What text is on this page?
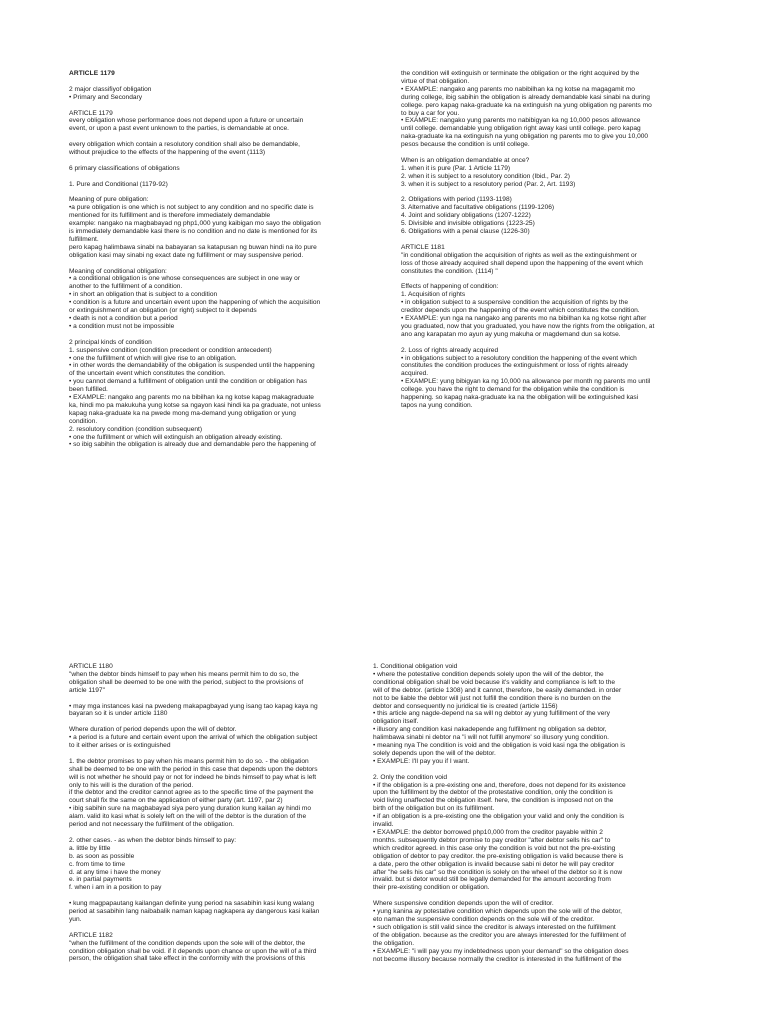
ARTICLE 1179

2 major classifiyof obligation

• Primary and Secondary

ARTICLE 1179

every obligation whose performance does not depend upon a future or uncertain

event, or upon a past event unknown to the parties, is demandable at once.

every obligation which contain a resolutory condition shall also be demandable,

without prejudice to the effects of the happening of the event (1113)

6 primary classifications of obligations

1. Pure and Conditional (1179-92)

Meaning of pure obligation:

•a pure obligation is one which is not subject to any condition and no specific date is

mentioned for its fulfillment and is therefore immediately demandable

example: nangako na magbabayad ng php1,000 yung kaibigan mo sayo the obligation

is immediately demandable kasi there is no condition and no date is mentioned for its

fulfillment.

pero kapag halimbawa sinabi na babayaran sa katapusan ng buwan hindi na ito pure

obligation kasi may sinabi ng exact date ng fulfillment or may suspensive period.

Meaning of conditional obligation:

• a conditional obligation is one whose consequences are subject in one way or

another to the fulfillment of a condition.

• in short an obligation that is subject to a condition

• condition is a future and uncertain event upon the happening of which the acquisition

or extinguishment of an obligation (or right) subject to it depends

• death is not a condition but a period

• a condition must not be impossible

2 principal kinds of condition

1. suspensive condition (condition precedent or condition antecedent)

• one the fulfillment of which will give rise to an obligation.

• in other words the demandability of the obligation is suspended until the happening

of the uncertain event which constitutes the condition.

• you cannot demand a fulfillment of obligation until the condition or obligation has

been fulfilled.

• EXAMPLE: nangako ang parents mo na bibilhan ka ng kotse kapag makagraduate

ka, hindi mo pa makukuha yung kotse sa ngayon kasi hindi ka pa graduate, not unless

kapag naka-graduate ka na pwede mong ma-demand yung obligation or yung

condition.

2. resolutory condition (condition subsequent)

• one the fulfillment or which will extinguish an obligation already existing.

• so ibig sabihin the obligation is already due and demandable pero the happening of

the condition will extinguish or terminate the obligation or the right acquired by the

virtue of that obligation.

• EXAMPLE: nangako ang parents mo nabibilhan ka ng kotse na magagamit mo

during college, ibig sabihin the obligation is already demandable kasi sinabi na during

college. pero kapag naka-graduate ka na extinguish na yung obligation ng parents mo

to buy a car for you.

• EXAMPLE: nangako yung parents mo nabibigyan ka ng 10,000 pesos allowance

until college. demandable yung obligation right away kasi until college. pero kapag

naka-graduate ka na extinguish na yung obligation ng parents mo to give you 10,000

pesos because the condition is until college.

When is an obligation demandable at once?

1. when it is pure (Par. 1 Article 1179)

2. when it is subject to a resolutory condition (Ibid., Par. 2)

3. when it is subject to a resolutory period (Par. 2, Art. 1193)

2. Obligations with period (1193-1198)

3. Alternative and facultative obligations (1199-1206)

4. Joint and solidary obligations (1207-1222)

5. Divisible and invisible obligations (1223-25)

6. Obligations with a penal clause (1226-30)

ARTICLE 1181

"in conditional obligation the acquisition of rights as well as the extinguishment or

loss of those already acquired shall depend upon the happening of the event which

constitutes the condition. (1114) "

Effects of happening of condition:

1. Acquisition of rights

• in obligation subject to a suspensive condition the acquisition of rights by the

creditor depends upon the happening of the event which constitutes the condition.

• EXAMPLE: yun nga na nangako ang parents mo na bibilhan ka ng kotse right after

you graduated, now that you graduated, you have now the rights from the obligation, at

ano ang karapatan mo ayun ay yung makuha or magdemand dun sa kotse.

2. Loss of rights already acquired

• in obligations subject to a resolutory condition the happening of the event which

constitutes the condition produces the extinguishment or loss of rights already

acquired.

• EXAMPLE: yung bibigyan ka ng 10,000 na allowance per month ng parents mo until

college. you have the right to demand for the obligation while the condition is

happening. so kapag naka-graduate ka na the obligation will be extinguished kasi

tapos na yung condition.

ARTICLE 1180

"when the debtor binds himself to pay when his means permit him to do so, the

obligation shall be deemed to be one with the period, subject to the provisions of

article 1197"

• may mga instances kasi na pwedeng makapagbayad yung isang tao kapag kaya ng

bayaran so it is under article 1180

Where duration of period depends upon the will of debtor.

• a period is a future and certain event upon the arrival of which the obligation subject

to it either arises or is extinguished

1. the debtor promises to pay when his means permit him to do so. - the obligation

shall be deemed to be one with the period in this case that depends upon the debtors

will is not whether he should pay or not for indeed he binds himself to pay what is left

only to his will is the duration of the period.

if the debtor and the creditor cannot agree as to the specific time of the payment the

court shall fix the same on the application of either party (art. 1197, par 2)

• ibig sabihin sure na magbabayad siya pero yung duration kung kailan ay hindi mo

alam. valid ito kasi what is solely left on the will of the debtor is the duration of the

period and not necessary the fulfillment of the obligation.

2. other cases. - as when the debtor binds himself to pay:

a. little by little

b. as soon as possible

c. from time to time

d. at any time i have the money

e. in partial payments

f. when i am in a position to pay

• kung magpapautang kailangan definite yung period na sasabihin kasi kung walang

period at sasabihin lang naibabalik naman kapag nagkapera ay dangerous kasi kailan

yun.

ARTICLE 1182

"when the fulfillment of the condition depends upon the sole will of the debtor, the

condition obligation shall be void. if it depends upon chance or upon the will of a third

person, the obligation shall take effect in the conformity with the provisions of this

1. Conditional obligation void

• where the potestative condition depends solely upon the will of the debtor, the

conditional obligation shall be void because it's validity and compliance is left to the

will of the debtor. (article 1308) and it cannot, therefore, be easily demanded. in order

not to be liable the debtor will just not fulfill the condition there is no burden on the

debtor and consequently no juridical tie is created (article 1156)

• this article ang nagde-depend na sa will ng debtor ay yung fulfillment of the very

obligation itself.

• illusory ang condition kasi nakadepende ang fulfillment ng obligation sa debtor,

halimbawa sinabi ni debtor na "i will not fulfill anymore' so illusory yung condition.

• meaning nya The condition is void and the obligation is void kasi nga the obligation is

solely depends upon the will of the debtor.

• EXAMPLE: I'll pay you if I want.

2. Only the condition void

• if the obligation is a pre-existing one and, therefore, does not depend for its existence

upon the fulfillment by the debtor of the protestative condition, only the condition is

void living unaffected the obligation itself. here, the condition is imposed not on the

birth of the obligation but on its fulfillment.

• if an obligation is a pre-existing one the obligation your valid and only the condition is

invalid.

• EXAMPLE: the debtor borrowed php10,000 from the creditor payable within 2

months. subsequently debtor promise to pay creditor "after debtor sells his car" to

which creditor agreed. in this case only the condition is void but not the pre-existing

obligation of debtor to pay creditor. the pre-existing obligation is valid because there is

a date, pero the other obligation is invalid because sabi ni detor he will pay creditor

after "he sells his car" so the condition is solely on the wheel of the debtor so it is now

invalid. but si detor would still be legally demanded for the amount according from

their pre-existing condition or obligation.

Where suspensive condition depends upon the will of creditor.

• yung kanina ay potestative condition which depends upon the sole will of the debtor,

eto naman the suspensive condition depends on the sole will of the creditor.

• such obligation is still valid since the creditor is always interested on the fulfillment

of the obligation. because as the creditor you are always interested for the fulfillment of

the obligation.

• EXAMPLE: "i will pay you my indebtedness upon your demand" so the obligation does

not become illusory because normally the creditor is interested in the fulfillment of the
